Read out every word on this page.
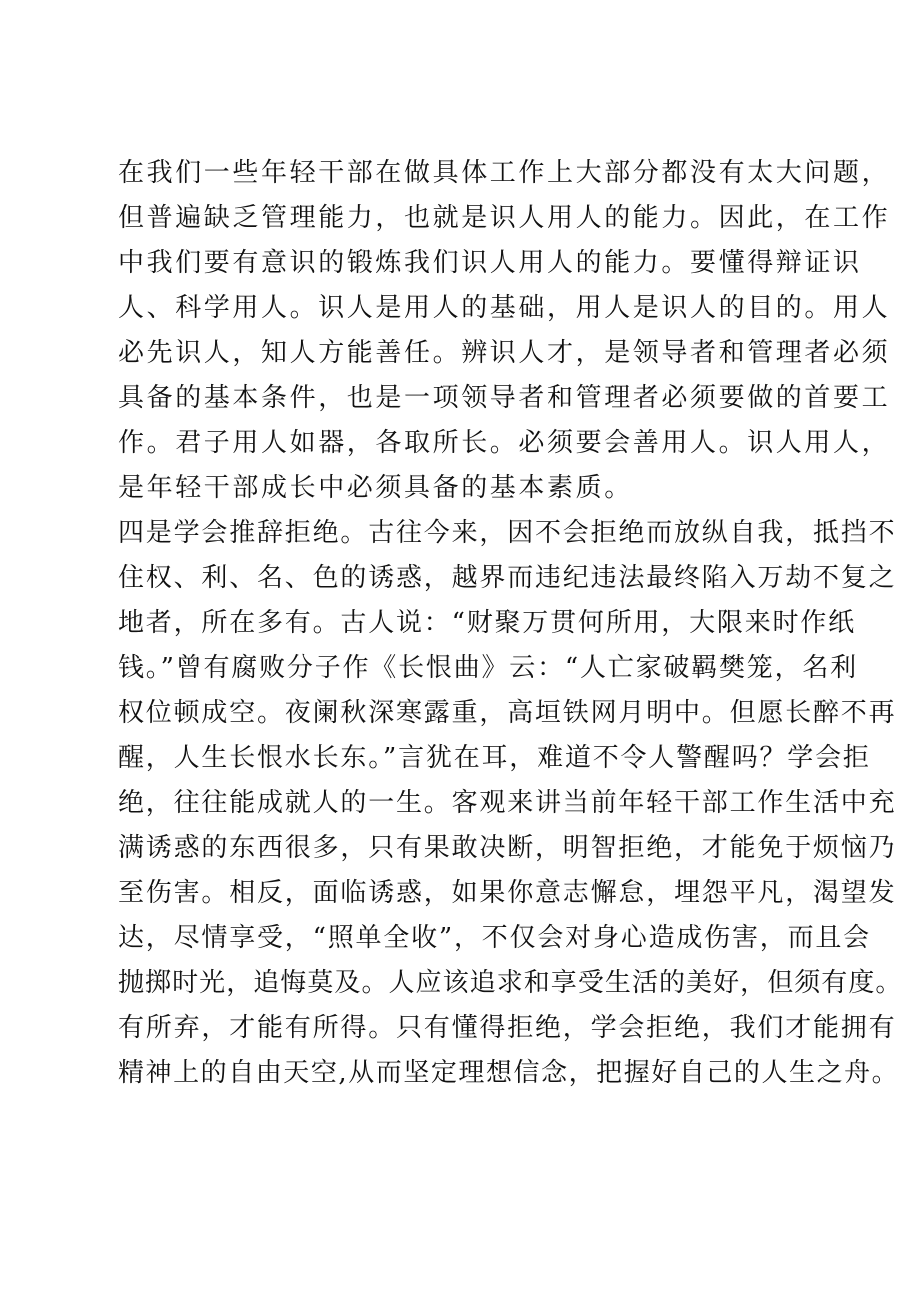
在我们一些年轻干部在做具体工作上大部分都没有太大问题，
但普遍缺乏管理能力，也就是识人用人的能力。因此，在工作
中我们要有意识的锻炼我们识人用人的能力。要懂得辩证识
人、科学用人。识人是用人的基础，用人是识人的目的。用人
必先识人，知人方能善任。辨识人才，是领导者和管理者必须
具备的基本条件，也是一项领导者和管理者必须要做的首要工
作。君子用人如器，各取所长。必须要会善用人。识人用人，
是年轻干部成长中必须具备的基本素质。
四是学会推辞拒绝。古往今来，因不会拒绝而放纵自我，抵挡不
住权、利、名、色的诱惑，越界而违纪违法最终陷入万劫不复之
地者，所在多有。古人说：“财聚万贯何所用，大限来时作纸
钱。”曾有腐败分子作《长恨曲》云：“人亡家破羁樊笼，名利
权位顿成空。夜阑秋深寒露重，高垣铁网月明中。但愿长醉不再
醒，人生长恨水长东。”言犹在耳，难道不令人警醒吗？学会拒
绝，往往能成就人的一生。客观来讲当前年轻干部工作生活中充
满诱惑的东西很多，只有果敢决断，明智拒绝，才能免于烦恼乃
至伤害。相反，面临诱惑，如果你意志懈怠，埋怨平凡，渴望发
达，尽情享受，“照单全收”，不仅会对身心造成伤害，而且会
抛掷时光，追悔莫及。人应该追求和享受生活的美好，但须有度。
有所弃，才能有所得。只有懂得拒绝，学会拒绝，我们才能拥有
精神上的自由天空,从而坚定理想信念，把握好自己的人生之舟。
